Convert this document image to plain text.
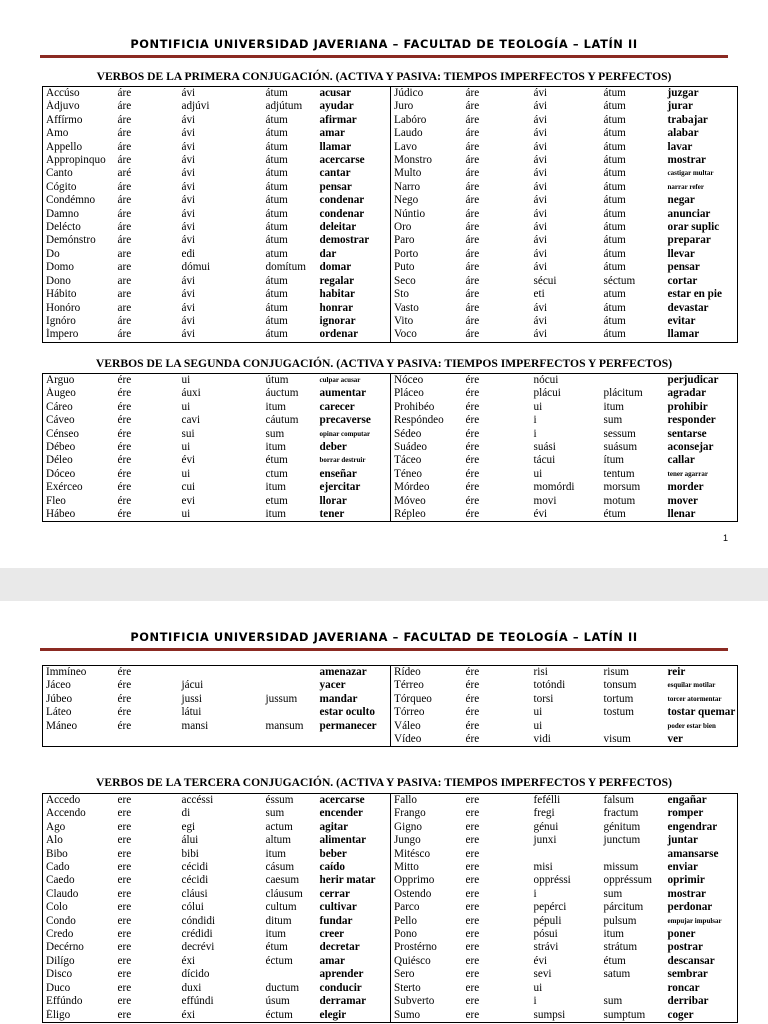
PONTIFICIA UNIVERSIDAD JAVERIANA – FACULTAD DE TEOLOGÍA – LATÍN II
VERBOS DE LA PRIMERA CONJUGACIÓN. (ACTIVA Y PASIVA: TIEMPOS IMPERFECTOS Y PERFECTOS)
Accúso	áre	ávi	átum	acusar	Júdico	áre	ávi	átum	juzgar
Ádjuvo	áre	adjúvi	adjútum	ayudar	Juro	áre	ávi	átum	jurar
Affírmo	áre	ávi	átum	afirmar	Labóro	áre	ávi	átum	trabajar
Amo	áre	ávi	átum	amar	Laudo	áre	ávi	átum	alabar
Appello	áre	ávi	átum	llamar	Lavo	áre	ávi	átum	lavar
Appropinquo	áre	ávi	átum	acercarse	Monstro	áre	ávi	átum	mostrar
Canto	aré	ávi	átum	cantar	Multo	áre	ávi	átum	castigar multar
Cógito	áre	ávi	átum	pensar	Narro	áre	ávi	átum	narrar refer
Condémno	áre	ávi	átum	condenar	Nego	áre	ávi	átum	negar
Damno	áre	ávi	átum	condenar	Núntio	áre	ávi	átum	anunciar
Delécto	áre	ávi	átum	deleitar	Oro	áre	ávi	átum	orar suplic
Demónstro	áre	ávi	átum	demostrar	Paro	áre	ávi	átum	preparar
Do	are	edi	atum	dar	Porto	áre	ávi	átum	llevar
Domo	are	dómui	domítum	domar	Puto	áre	ávi	átum	pensar
Dono	are	ávi	átum	regalar	Seco	áre	sécui	séctum	cortar
Hábito	are	ávi	átum	habitar	Sto	áre	eti	atum	estar en pie
Honóro	are	ávi	átum	honrar	Vasto	áre	ávi	átum	devastar
Ignóro	áre	ávi	átum	ignorar	Vito	áre	ávi	átum	evitar
Ímpero	áre	ávi	átum	ordenar	Voco	áre	ávi	átum	llamar
VERBOS DE LA SEGUNDA CONJUGACIÓN. (ACTIVA Y PASIVA: TIEMPOS IMPERFECTOS Y PERFECTOS)
Arguo	ére	ui	útum	culpar acusar	Nóceo	ére	nócui		perjudicar
Áugeo	ére	áuxi	áuctum	aumentar	Pláceo	ére	plácui	plácitum	agradar
Cáreo	ére	ui	itum	carecer	Prohibéo	ére	ui	itum	prohibir
Cáveo	ére	cavi	cáutum	precaverse	Respóndeo	ére	i	sum	responder
Cénseo	ére	sui	sum	opinar computar	Sédeo	ére	i	sessum	sentarse
Débeo	ére	ui	itum	deber	Suádeo	ére	suási	suásum	aconsejar
Déleo	ére	évi	étum	borrar destruir	Táceo	ére	tácui	ítum	callar
Dóceo	ére	ui	ctum	enseñar	Téneo	ére	ui	tentum	tener agarrar
Exérceo	ére	cui	itum	ejercitar	Mórdeo	ére	momórdi	morsum	morder
Fleo	ére	evi	etum	llorar	Móveo	ére	movi	motum	mover
Hábeo	ére	ui	itum	tener	Répleo	ére	évi	étum	llenar
1
PONTIFICIA UNIVERSIDAD JAVERIANA – FACULTAD DE TEOLOGÍA – LATÍN II
Immíneo	ére			amenazar	Rídeo	ére	risi	risum	reir
Jáceo	ére	jácui		yacer	Térreo	ére	totóndi	tonsum	esquilar motilar
Júbeo	ére	jussi	jussum	mandar	Tórqueo	ére	torsi	tortum	torcer atormentar
Láteo	ére	látui		estar oculto	Tórreo	ére	ui	tostum	tostar quemar
Máneo	ére	mansi	mansum	permanecer	Váleo	ére	ui		poder estar bien
					Vídeo	ére	vidi	visum	ver
VERBOS DE LA TERCERA CONJUGACIÓN. (ACTIVA Y PASIVA: TIEMPOS IMPERFECTOS Y PERFECTOS)
Accedo	ere	accéssi	éssum	acercarse	Fallo	ere	fefélli	falsum	engañar
Accendo	ere	di	sum	encender	Frango	ere	fregi	fractum	romper
Ago	ere	egi	actum	agitar	Gigno	ere	génui	génitum	engendrar
Alo	ere	álui	altum	alimentar	Jungo	ere	junxi	junctum	juntar
Bibo	ere	bibi	itum	beber	Mitésco	ere			amansarse
Cado	ere	cécidi	cásum	caído	Mitto	ere	misi	missum	enviar
Caedo	ere	cécidi	caesum	herir matar	Opprimo	ere	oppréssi	oppréssum	oprimir
Claudo	ere	cláusi	cláusum	cerrar	Ostendo	ere	i	sum	mostrar
Colo	ere	cólui	cultum	cultivar	Parco	ere	pepérci	párcitum	perdonar
Condo	ere	cóndidi	ditum	fundar	Pello	ere	pépuli	pulsum	empujar impulsar
Credo	ere	crédidi	itum	creer	Pono	ere	pósui	itum	poner
Decérno	ere	decrévi	étum	decretar	Prostérno	ere	strávi	strátum	postrar
Dilígo	ere	éxi	éctum	amar	Quiésco	ere	évi	étum	descansar
Disco	ere	dícido		aprender	Sero	ere	sevi	satum	sembrar
Duco	ere	duxi	ductum	conducir	Sterto	ere	ui		roncar
Effúndo	ere	effúndi	úsum	derramar	Subverto	ere	i	sum	derribar
Éligo	ere	éxi	éctum	elegir	Sumo	ere	sumpsi	sumptum	coger
